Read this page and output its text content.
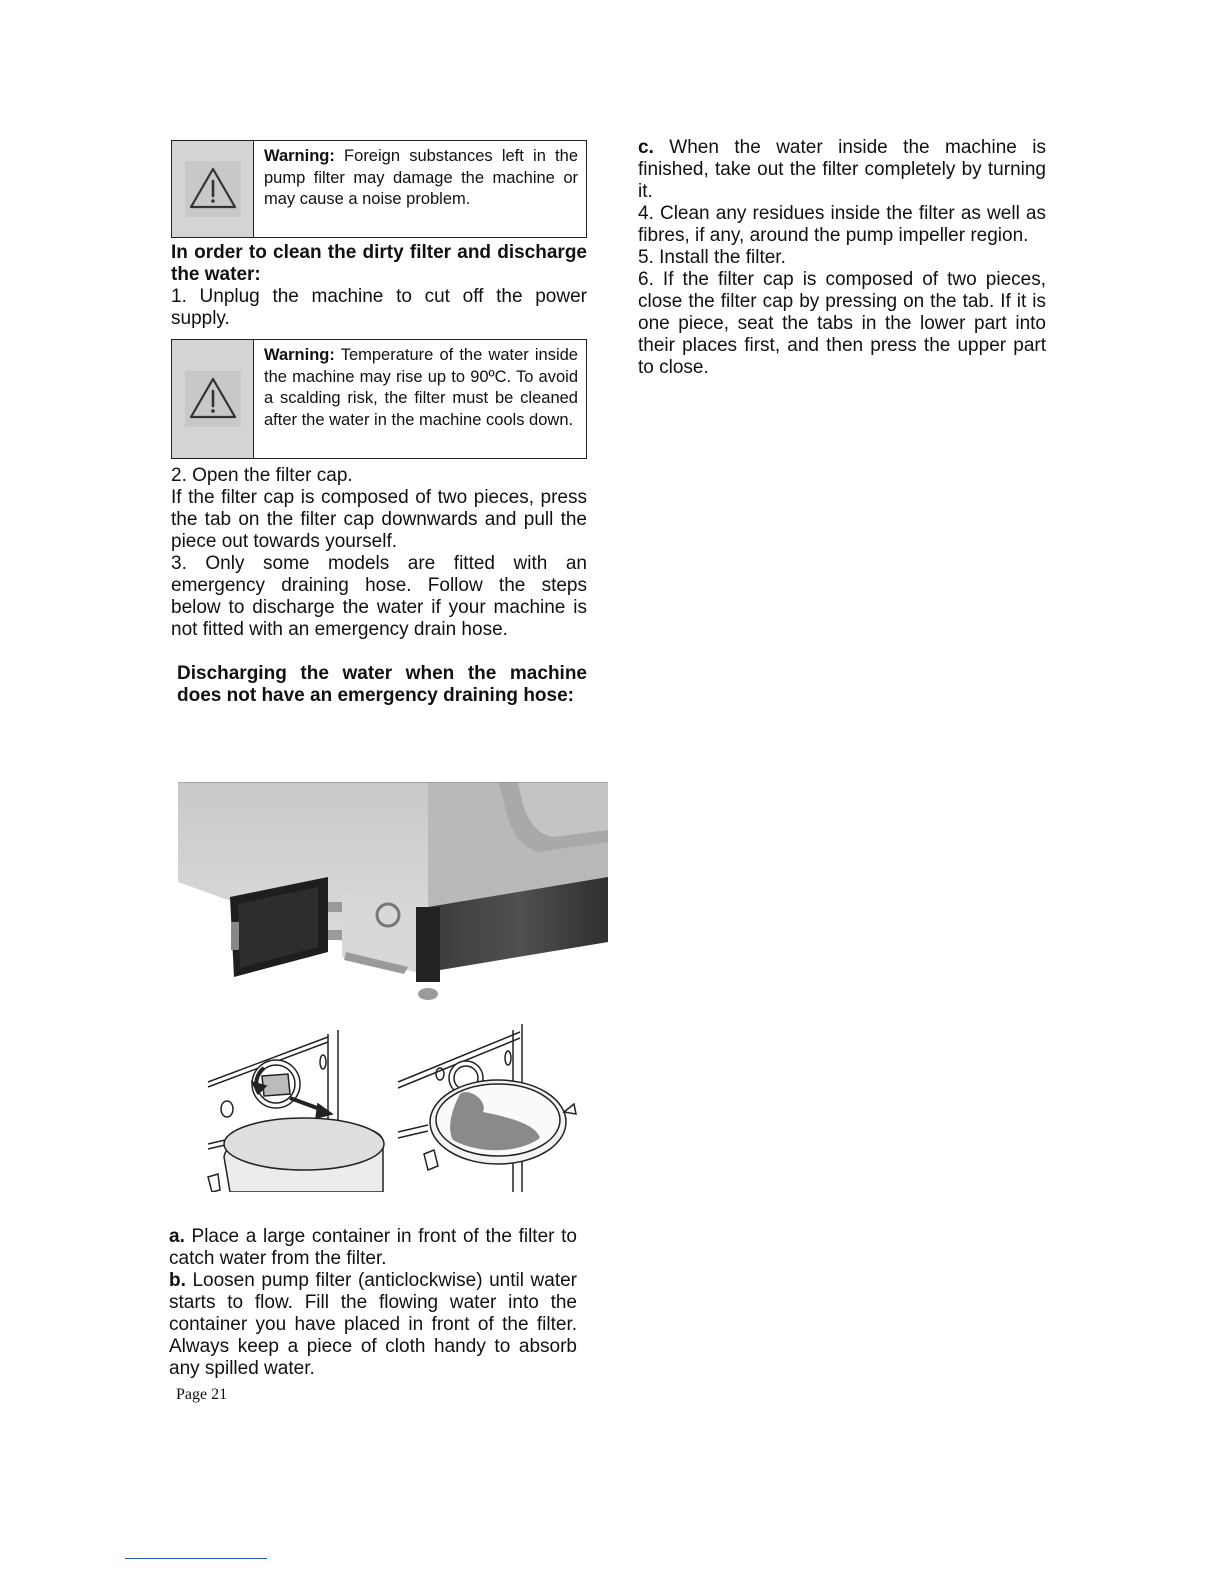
Warning: Foreign substances left in the pump filter may damage the machine or may cause a noise problem.

In order to clean the dirty filter and discharge the water:

1. Unplug the machine to cut off the power supply.

Warning: Temperature of the water inside the machine may rise up to 90ºC. To avoid a scalding risk, the filter must be cleaned after the water in the machine cools down.

2. Open the filter cap.

If the filter cap is composed of two pieces, press the tab on the filter cap downwards and pull the piece out towards yourself.

3. Only some models are fitted with an emergency draining hose. Follow the steps below to discharge the water if your machine is not fitted with an emergency drain hose.

Discharging the water when the machine does not have an emergency draining hose:

a. Place a large container in front of the filter to catch water from the filter.

b. Loosen pump filter (anticlockwise) until water starts to flow. Fill the flowing water into the container you have placed in front of the filter. Always keep a piece of cloth handy to absorb any spilled water.

Page 21

c. When the water inside the machine is finished, take out the filter completely by turning it.

4. Clean any residues inside the filter as well as fibres, if any, around the pump impeller region.

5. Install the filter.

6. If the filter cap is composed of two pieces, close the filter cap by pressing on the tab. If it is one piece, seat the tabs in the lower part into their places first, and then press the upper part to close.
